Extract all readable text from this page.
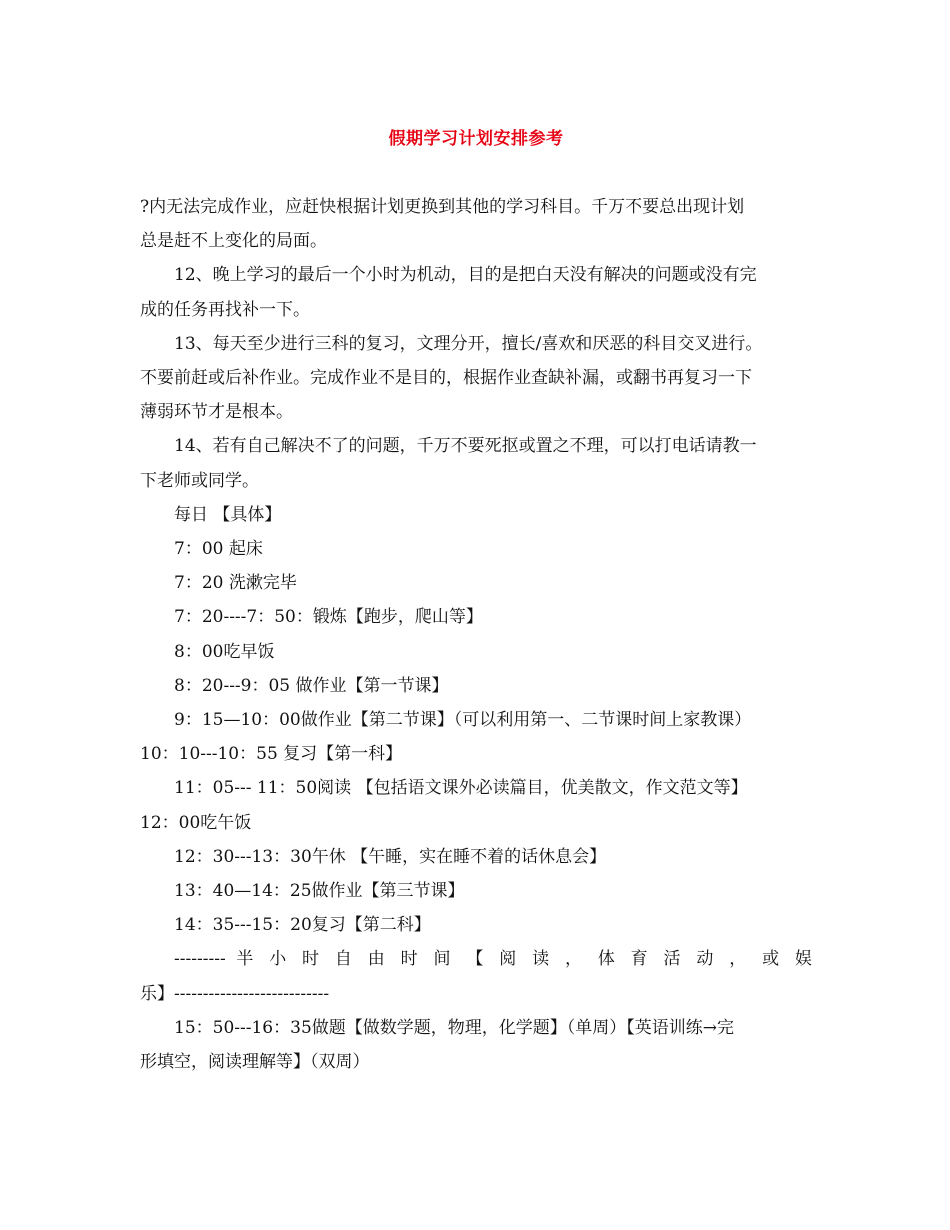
假期学习计划安排参考

?内无法完成作业，应赶快根据计划更换到其他的学习科目。千万不要总出现计划

总是赶不上变化的局面。

12、晚上学习的最后一个小时为机动，目的是把白天没有解决的问题或没有完

成的任务再找补一下。

13、每天至少进行三科的复习，文理分开，擅长/喜欢和厌恶的科目交叉进行。

不要前赶或后补作业。完成作业不是目的，根据作业查缺补漏，或翻书再复习一下

薄弱环节才是根本。

14、若有自己解决不了的问题，千万不要死抠或置之不理，可以打电话请教一

下老师或同学。

每日 【具体】

7：00 起床

7：20 洗漱完毕

7：20----7：50：锻炼【跑步，爬山等】

8：00吃早饭

8：20---9：05 做作业【第一节课】

9：15—10：00做作业【第二节课】（可以利用第一、二节课时间上家教课）

10：10---10：55 复习【第一科】

11：05--- 11：50阅读 【包括语文课外必读篇目，优美散文，作文范文等】

12：00吃午饭

12：30---13：30午休 【午睡，实在睡不着的话休息会】

13：40—14：25做作业【第三节课】

14：35---15：20复习【第二科】

--------- 半 小 时 自 由 时 间 【 阅 读 ， 体 育 活 动 ， 或 娱

乐】---------------------------

15：50---16：35做题【做数学题，物理，化学题】（单周）【英语训练→完

形填空，阅读理解等】（双周）
